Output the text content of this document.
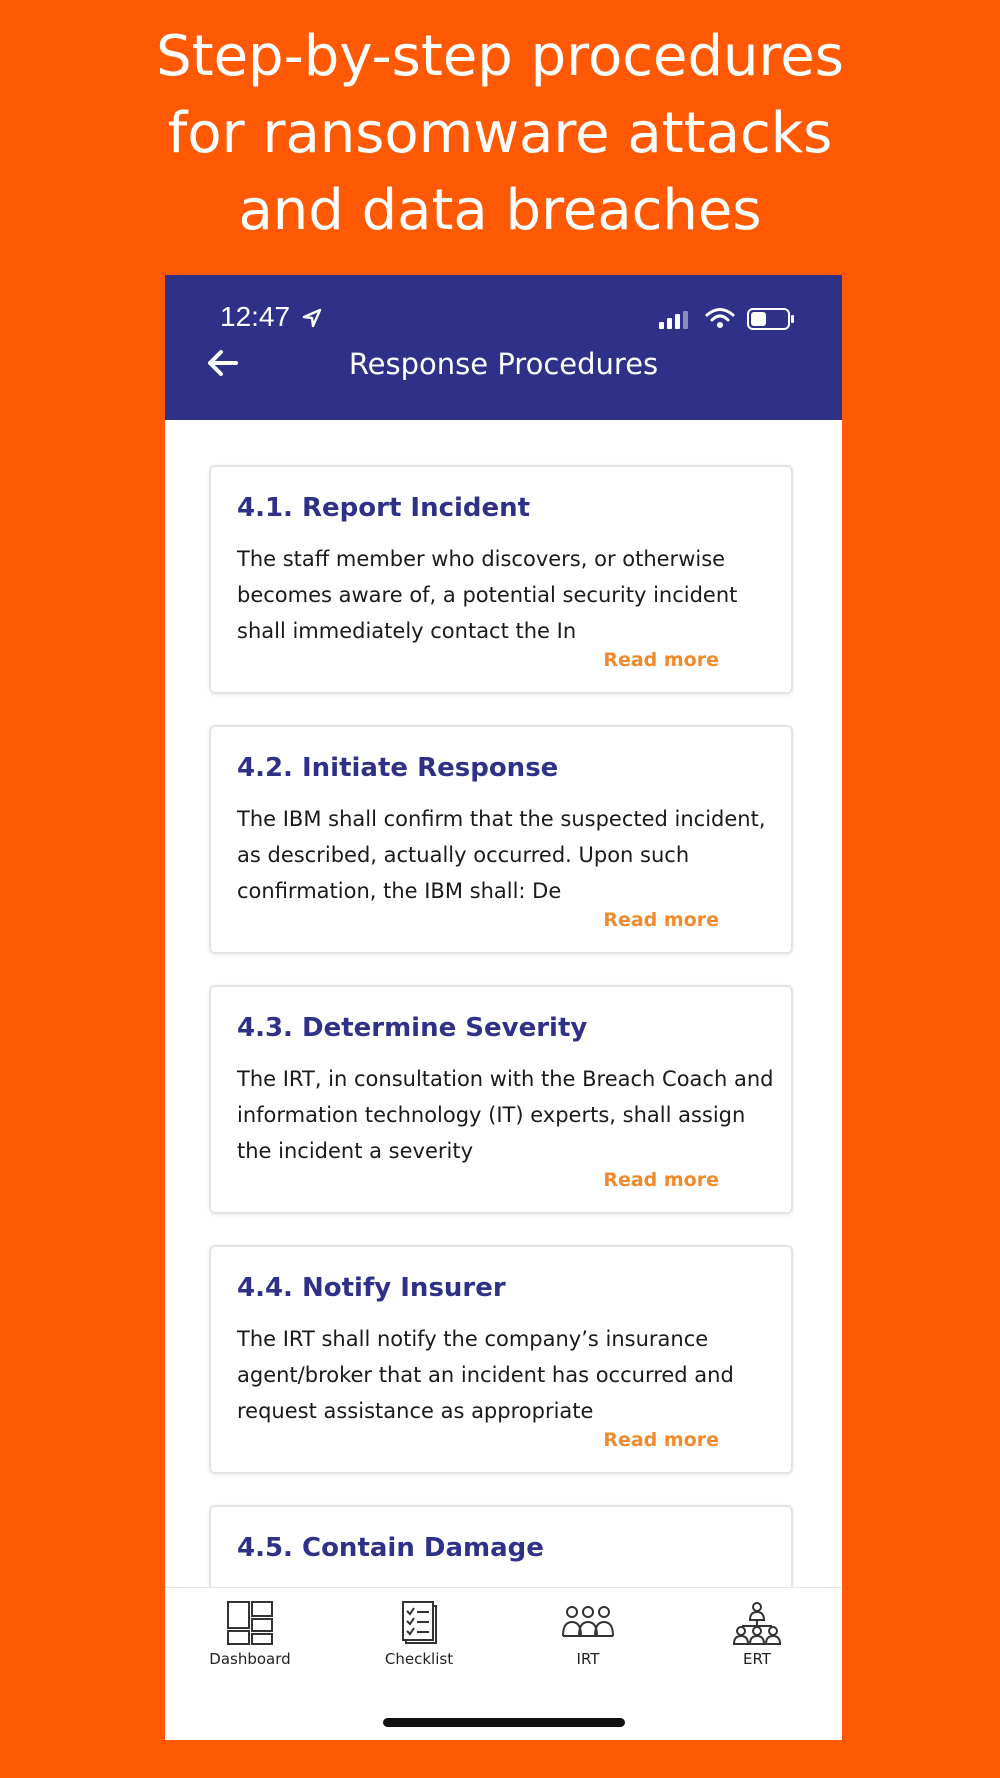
Step-by-step procedures
for ransomware attacks
and data breaches
12:47
Response Procedures
4.1. Report Incident
The staff member who discovers, or otherwise becomes aware of, a potential security incident shall immediately contact the In
Read more
4.2. Initiate Response
The IBM shall confirm that the suspected incident, as described, actually occurred. Upon such confirmation, the IBM shall: De
Read more
4.3. Determine Severity
The IRT, in consultation with the Breach Coach and information technology (IT) experts, shall assign the incident a severity
Read more
4.4. Notify Insurer
The IRT shall notify the company’s insurance agent/broker that an incident has occurred and request assistance as appropriate
Read more
4.5. Contain Damage
Dashboard	Checklist	IRT	ERT
